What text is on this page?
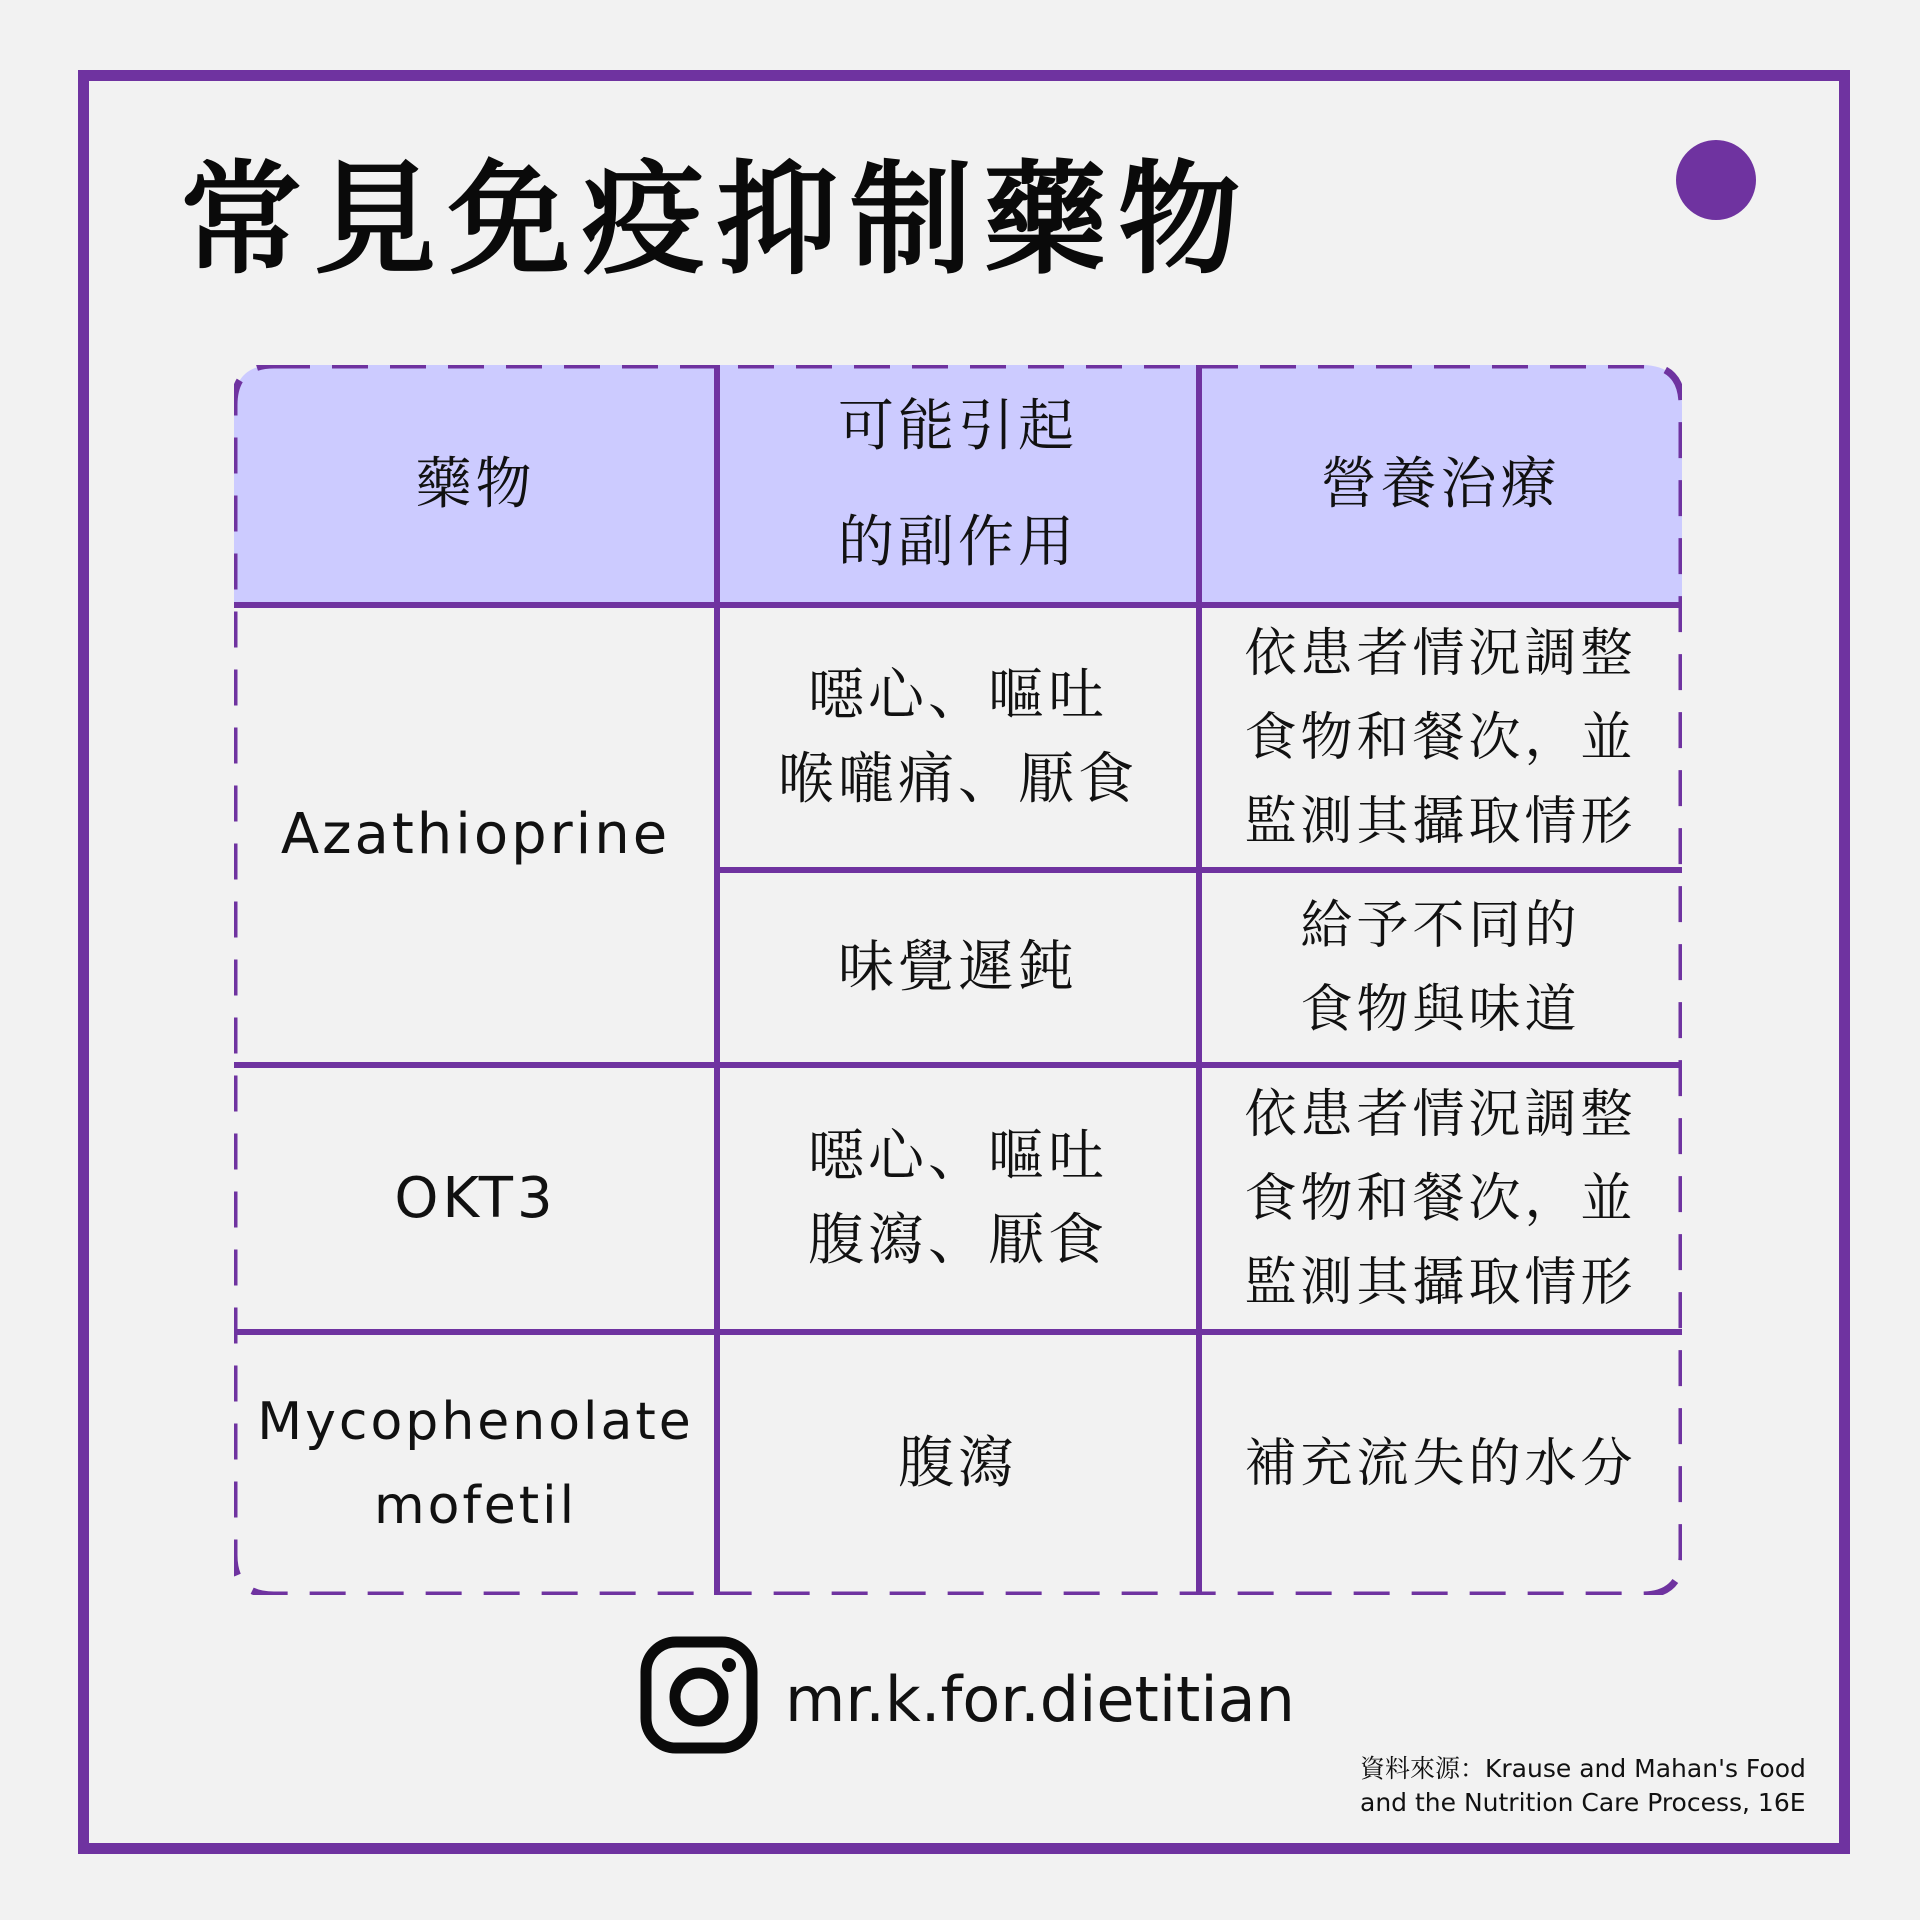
常見免疫抑制藥物
藥物
可能引起
的副作用
營養治療
Azathioprine
噁心、嘔吐
喉嚨痛、厭食
依患者情況調整
食物和餐次，並
監測其攝取情形
味覺遲鈍
給予不同的
食物與味道
OKT3
噁心、嘔吐
腹瀉、厭食
依患者情況調整
食物和餐次，並
監測其攝取情形
Mycophenolate
mofetil
腹瀉	補充流失的水分
mr.k.for.dietitian
資料來源：Krause and Mahan's Food
and the Nutrition Care Process, 16E
